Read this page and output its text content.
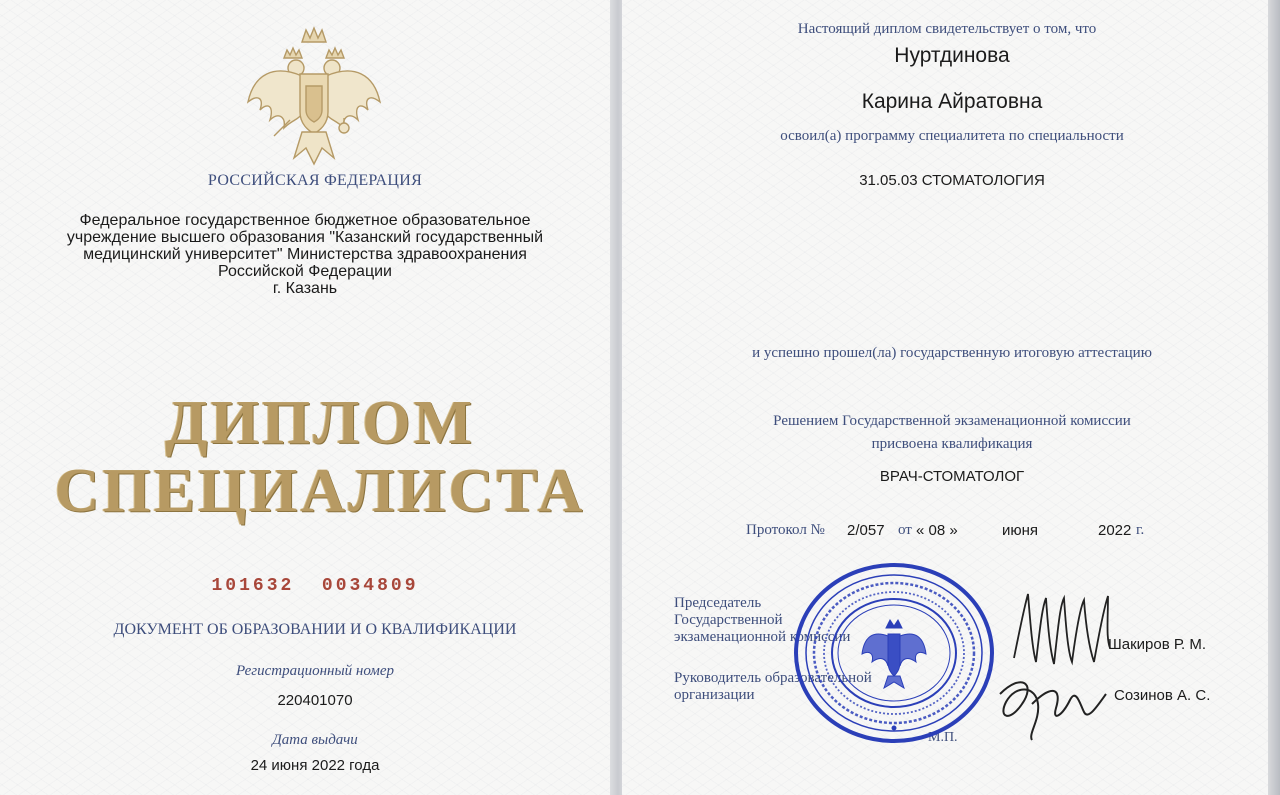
РОССИЙСКАЯ ФЕДЕРАЦИЯ
Федеральное государственное бюджетное образовательное
учреждение высшего образования "Казанский государственный
медицинский университет" Министерства здравоохранения
Российской Федерации
г. Казань
ДИПЛОМ
СПЕЦИАЛИСТА
101632  0034809
ДОКУМЕНТ ОБ ОБРАЗОВАНИИ И О КВАЛИФИКАЦИИ
Регистрационный номер
220401070
Дата выдачи
24 июня 2022 года
Настоящий диплом свидетельствует о том, что
Нуртдинова
Карина Айратовна
освоил(а) программу специалитета по специальности
31.05.03 СТОМАТОЛОГИЯ
и успешно прошел(ла) государственную итоговую аттестацию
Решением Государственной экзаменационной комиссии
присвоена квалификация
ВРАЧ-СТОМАТОЛОГ
Протокол № 2/057 от « 08 »	июня	2022 г.
Председатель
Государственной
экзаменационной комиссии	Шакиров Р. М.
Руководитель образовательной
организации	Созинов А. С.
М.П.
